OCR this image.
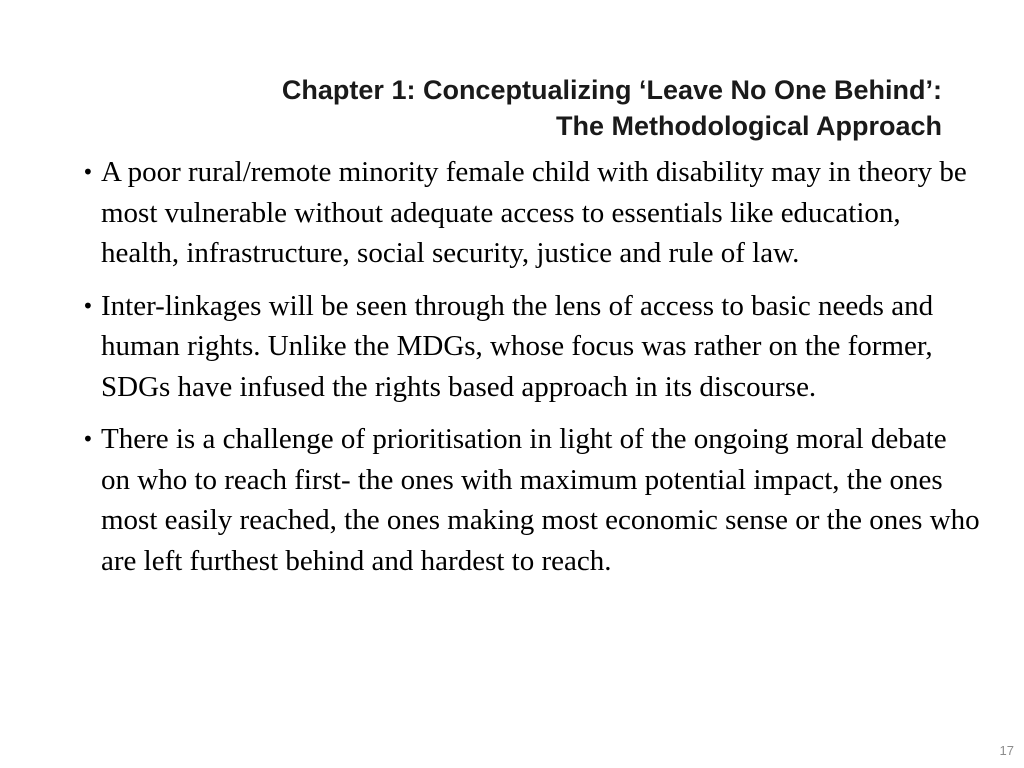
Chapter 1: Conceptualizing ‘Leave No One Behind’:
The Methodological Approach
• A poor rural/remote minority female child with disability may in theory be most vulnerable without adequate access to essentials like education, health, infrastructure, social security, justice and rule of law.
• Inter-linkages will be seen through the lens of access to basic needs and human rights. Unlike the MDGs, whose focus was rather on the former, SDGs have infused the rights based approach in its discourse.
• There is a challenge of prioritisation in light of the ongoing moral debate on who to reach first- the ones with maximum potential impact, the ones most easily reached, the ones making most economic sense or the ones who are left furthest behind and hardest to reach.
17
